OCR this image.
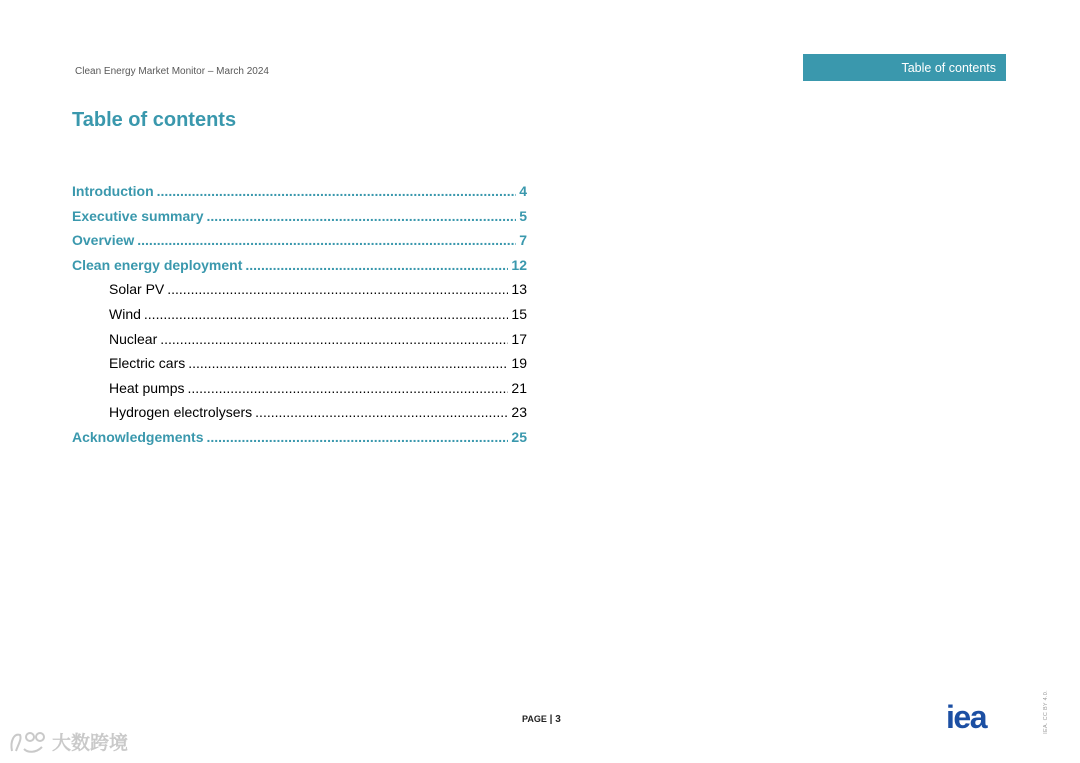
Clean Energy Market Monitor – March 2024	Table of contents
Table of contents
Introduction .....	4
Executive summary .....	5
Overview .....	7
Clean energy deployment .....	12
Solar PV .....	13
Wind .....	15
Nuclear .....	17
Electric cars .....	19
Heat pumps .....	21
Hydrogen electrolysers .....	23
Acknowledgements .....	25
PAGE | 3	iea	IEA. CC BY 4.0.
大数跨境
